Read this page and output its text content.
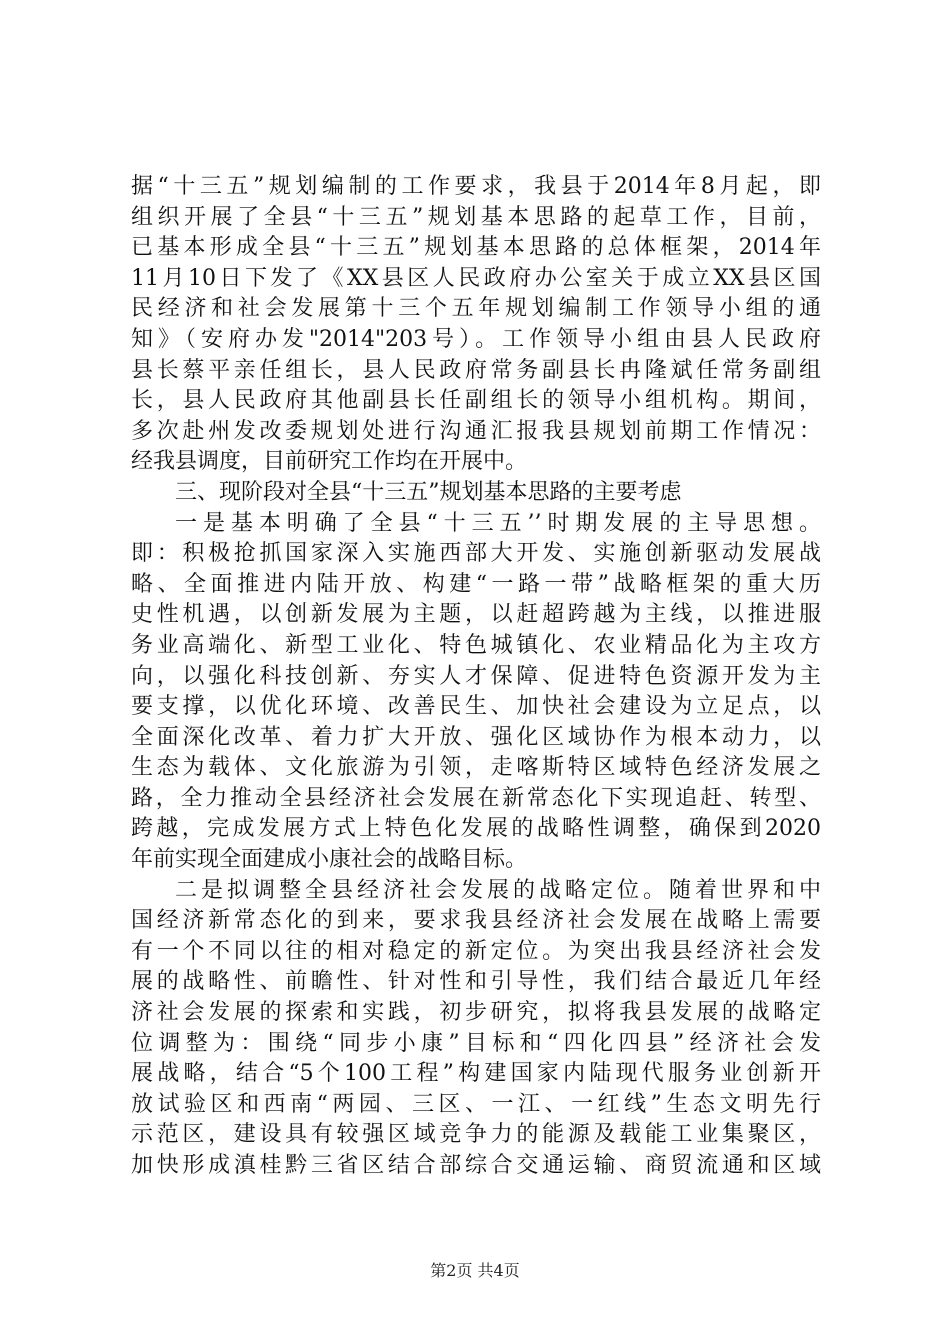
据“十三五”规划编制的工作要求，我县于2014年8月起，即
组织开展了全县“十三五”规划基本思路的起草工作，目前，
已基本形成全县“十三五”规划基本思路的总体框架，2014年
11月10日下发了《XX县区人民政府办公室关于成立XX县区国
民经济和社会发展第十三个五年规划编制工作领导小组的通
知》（安府办发"2014"203号）。工作领导小组由县人民政府
县长蔡平亲任组长，县人民政府常务副县长冉隆斌任常务副组
长，县人民政府其他副县长任副组长的领导小组机构。期间，
多次赴州发改委规划处进行沟通汇报我县规划前期工作情况：
经我县调度，目前研究工作均在开展中。
三、现阶段对全县“十三五”规划基本思路的主要考虑
一是基本明确了全县“十三五’’时期发展的主导思想。
即：积极抢抓国家深入实施西部大开发、实施创新驱动发展战
略、全面推进内陆开放、构建“一路一带”战略框架的重大历
史性机遇，以创新发展为主题，以赶超跨越为主线，以推进服
务业高端化、新型工业化、特色城镇化、农业精品化为主攻方
向，以强化科技创新、夯实人才保障、促进特色资源开发为主
要支撑，以优化环境、改善民生、加快社会建设为立足点，以
全面深化改革、着力扩大开放、强化区域协作为根本动力，以
生态为载体、文化旅游为引领，走喀斯特区域特色经济发展之
路，全力推动全县经济社会发展在新常态化下实现追赶、转型、
跨越，完成发展方式上特色化发展的战略性调整，确保到2020
年前实现全面建成小康社会的战略目标。
二是拟调整全县经济社会发展的战略定位。随着世界和中
国经济新常态化的到来，要求我县经济社会发展在战略上需要
有一个不同以往的相对稳定的新定位。为突出我县经济社会发
展的战略性、前瞻性、针对性和引导性，我们结合最近几年经
济社会发展的探索和实践，初步研究，拟将我县发展的战略定
位调整为：围绕“同步小康”目标和“四化四县”经济社会发
展战略，结合“5个100工程”构建国家内陆现代服务业创新开
放试验区和西南“两园、三区、一江、一红线”生态文明先行
示范区，建设具有较强区域竞争力的能源及载能工业集聚区，
加快形成滇桂黔三省区结合部综合交通运输、商贸流通和区域
第2页 共4页
